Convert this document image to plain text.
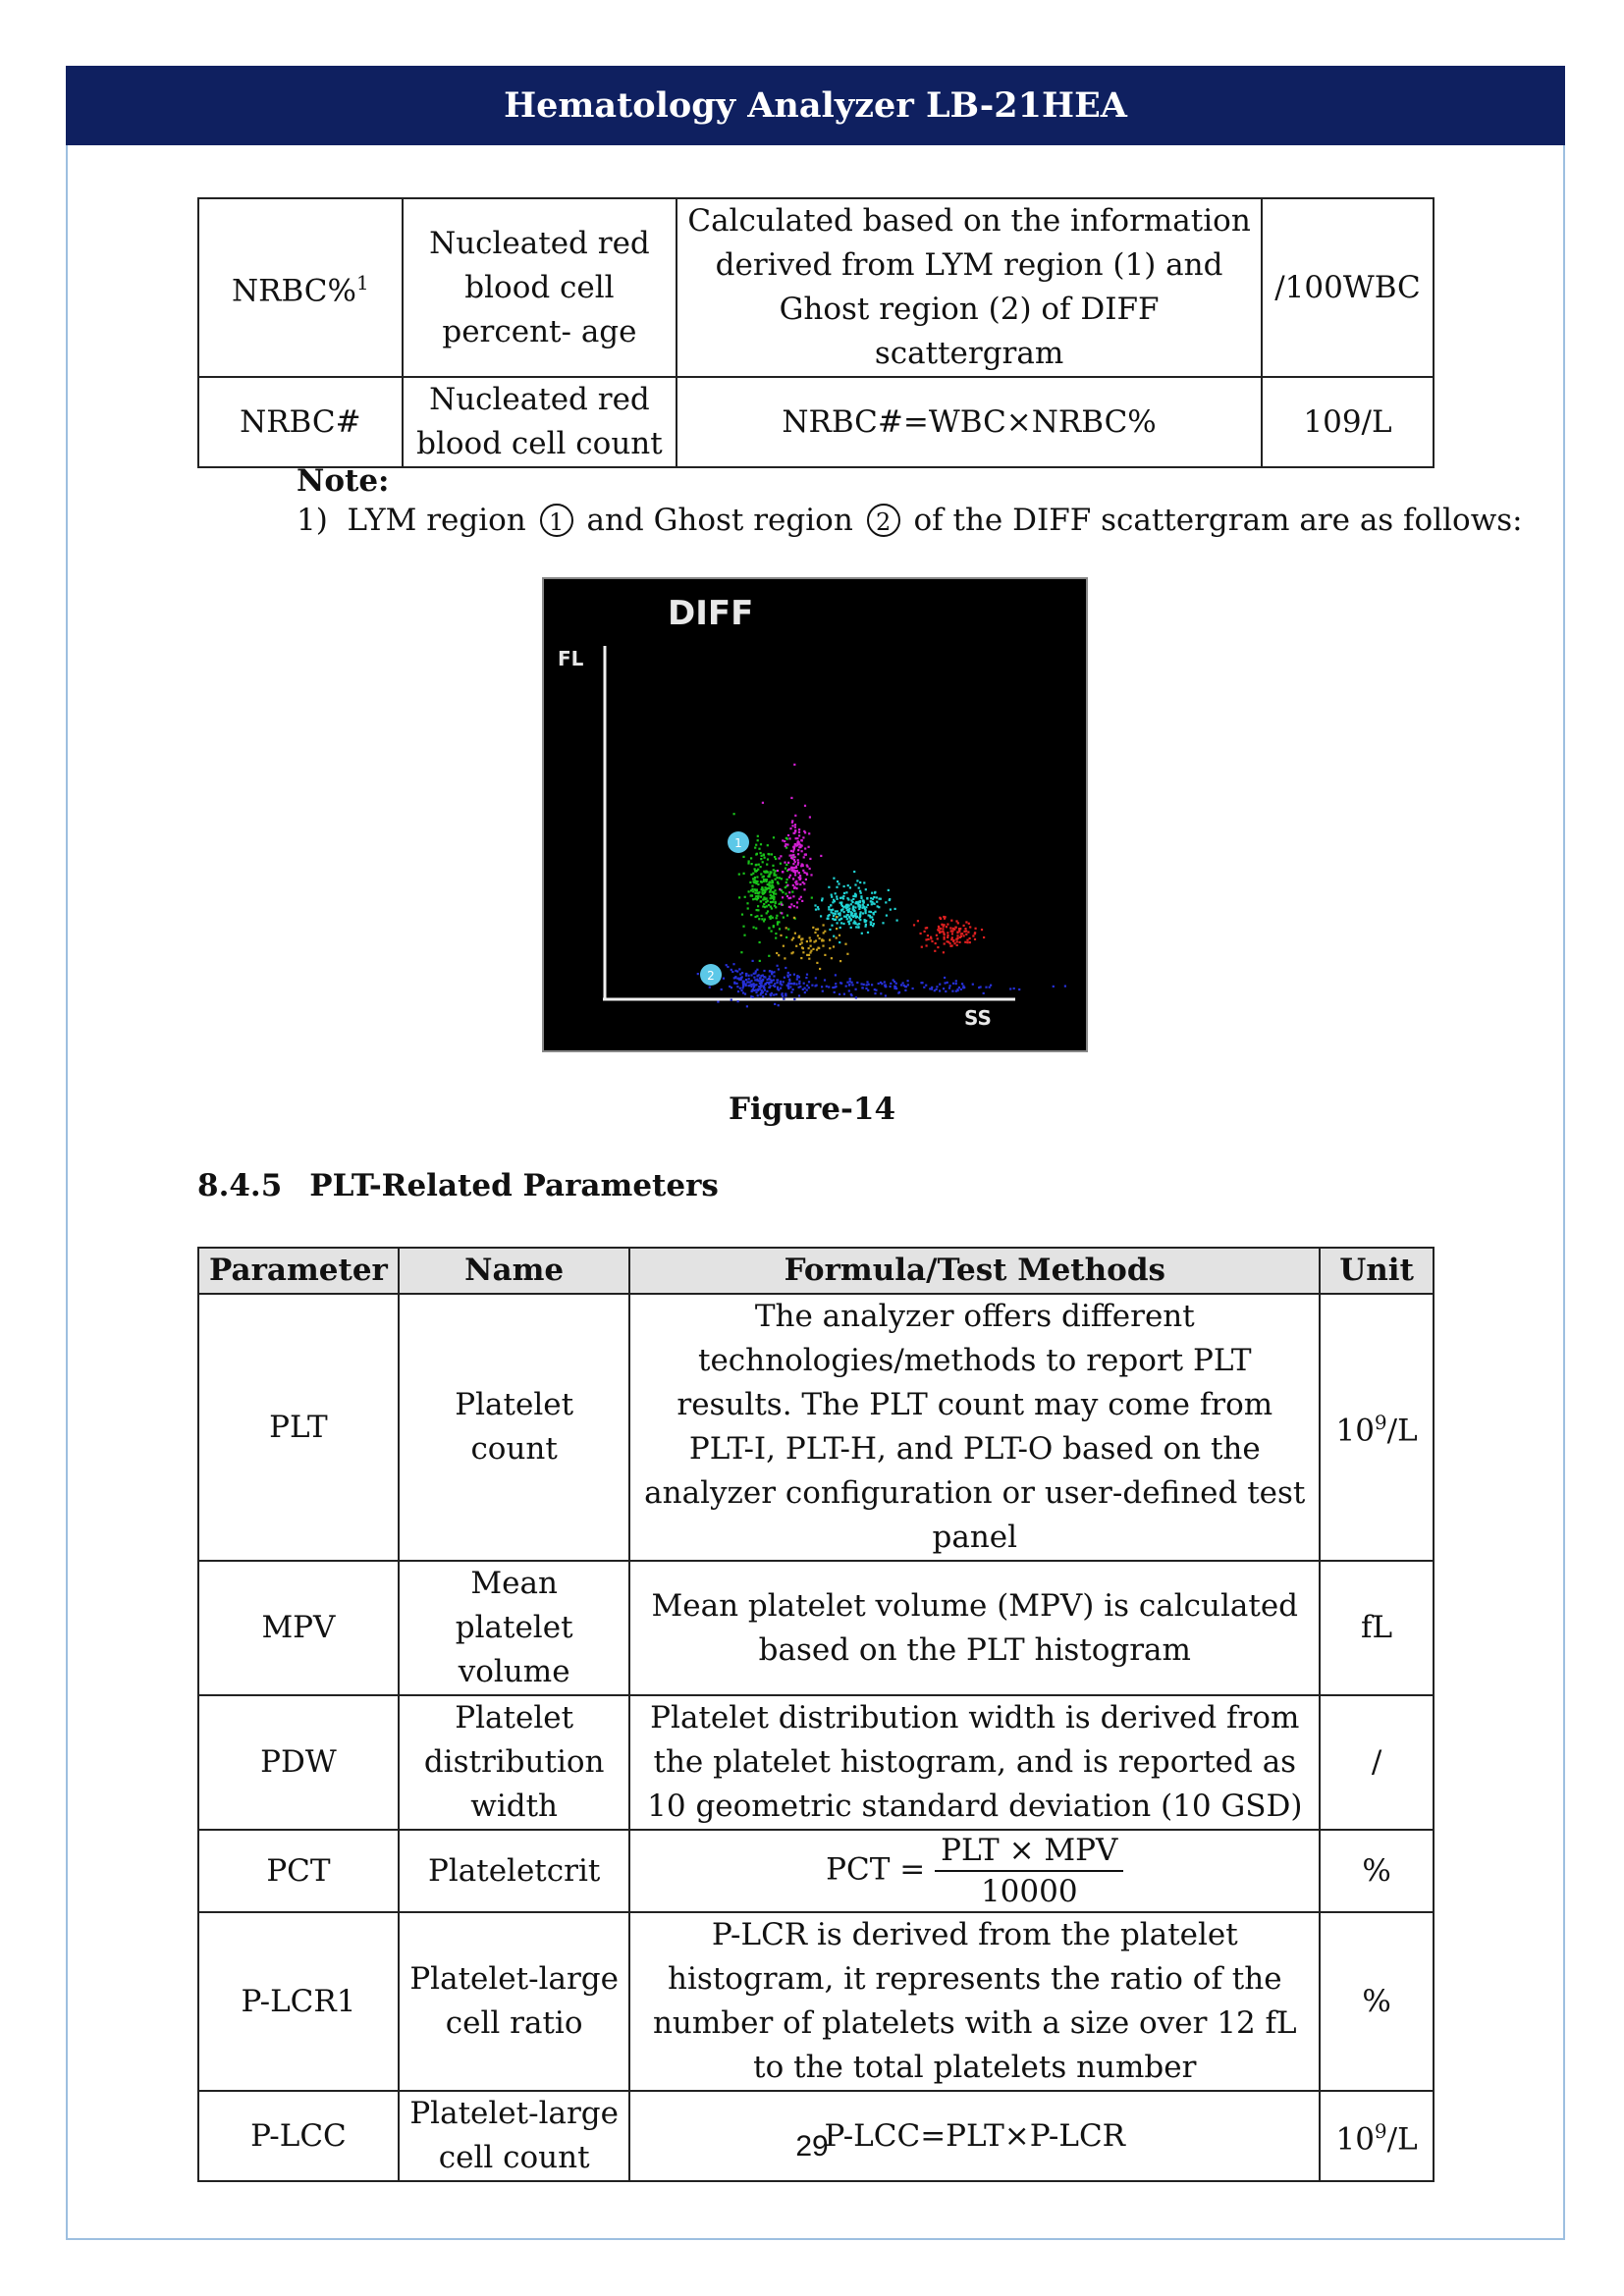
Hematology Analyzer LB-21HEA
NRBC%$^1$	Nucleated red blood cell percent- age	Calculated based on the information derived from LYM region (1) and Ghost region (2) of DIFF scattergram	/100WBC
NRBC#	Nucleated red blood cell count	NRBC#=WBC×NRBC%	109/L
Note:
1)  LYM region 1 and Ghost region 2 of the DIFF scattergram are as follows:
DIFF
FL
SS
1
2
Figure-14
8.4.5 PLT-Related Parameters
Parameter	Name	Formula/Test Methods	Unit
PLT	Platelet count	The analyzer offers different technologies/methods to report PLT results. The PLT count may come from PLT-I, PLT-H, and PLT-O based on the analyzer configuration or user-defined test panel	$10^9/L$
MPV	Mean platelet volume	Mean platelet volume (MPV) is calculated based on the PLT histogram	fL
PDW	Platelet distribution width	Platelet distribution width is derived from the platelet histogram, and is reported as 10 geometric standard deviation (10 GSD)	/
PCT	Plateletcrit	PCT = $\frac{\text{PLT × MPV}}{10000}$	%
P-LCR1	Platelet-large cell ratio	P-LCR is derived from the platelet histogram, it represents the ratio of the number of platelets with a size over 12 fL to the total platelets number	%
P-LCC	Platelet-large cell count	P-LCC=PLT×P-LCR	$10^9/L$
29
